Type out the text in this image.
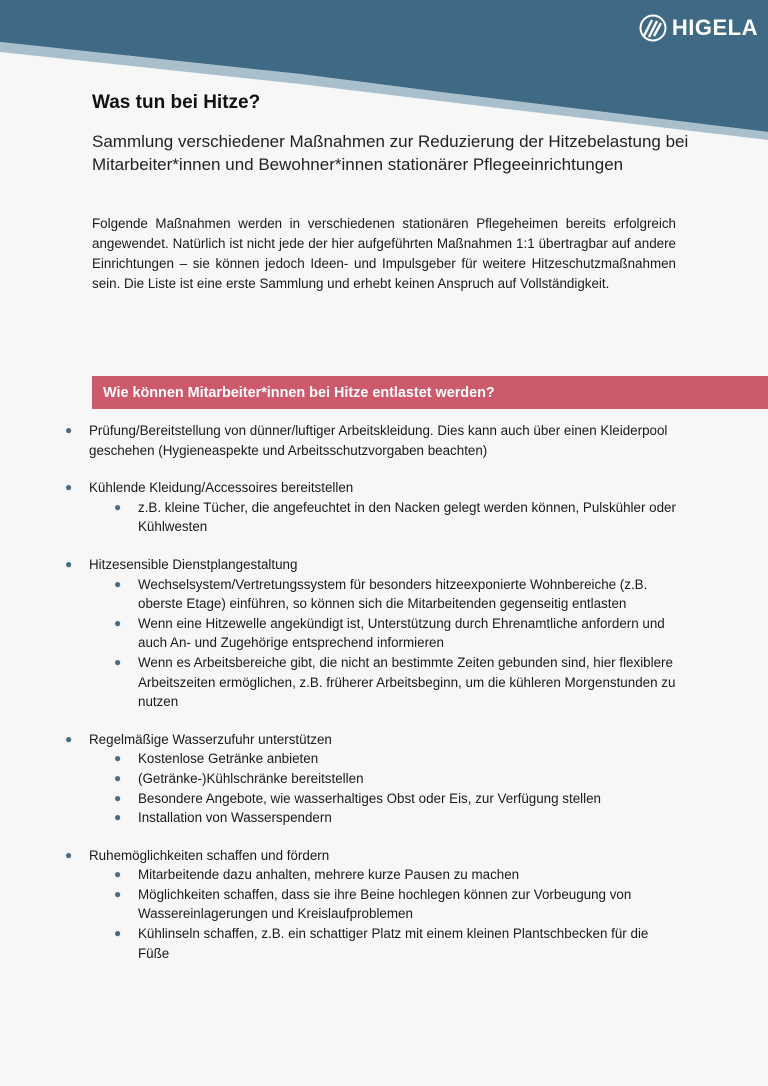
HIGELA
Was tun bei Hitze?

Sammlung verschiedener Maßnahmen zur Reduzierung der Hitzebelastung bei Mitarbeiter*innen und Bewohner*innen stationärer Pflegeeinrichtungen

Folgende Maßnahmen werden in verschiedenen stationären Pflegeheimen bereits erfolgreich angewendet. Natürlich ist nicht jede der hier aufgeführten Maßnahmen 1:1 übertragbar auf andere Einrichtungen – sie können jedoch Ideen- und Impulsgeber für weitere Hitzeschutzmaßnahmen sein. Die Liste ist eine erste Sammlung und erhebt keinen Anspruch auf Vollständigkeit.

Wie können Mitarbeiter*innen bei Hitze entlastet werden?
● Prüfung/Bereitstellung von dünner/luftiger Arbeitskleidung. Dies kann auch über einen Kleiderpool geschehen (Hygieneaspekte und Arbeitsschutzvorgaben beachten)
● Kühlende Kleidung/Accessoires bereitstellen
● z.B. kleine Tücher, die angefeuchtet in den Nacken gelegt werden können, Pulskühler oder Kühlwesten
● Hitzesensible Dienstplangestaltung
● Wechselsystem/Vertretungssystem für besonders hitzeexponierte Wohnbereiche (z.B. oberste Etage) einführen, so können sich die Mitarbeitenden gegenseitig entlasten
● Wenn eine Hitzewelle angekündigt ist, Unterstützung durch Ehrenamtliche anfordern und auch An- und Zugehörige entsprechend informieren
● Wenn es Arbeitsbereiche gibt, die nicht an bestimmte Zeiten gebunden sind, hier flexiblere Arbeitszeiten ermöglichen, z.B. früherer Arbeitsbeginn, um die kühleren Morgenstunden zu nutzen
● Regelmäßige Wasserzufuhr unterstützen
● Kostenlose Getränke anbieten
● (Getränke-)Kühlschränke bereitstellen
● Besondere Angebote, wie wasserhaltiges Obst oder Eis, zur Verfügung stellen
● Installation von Wasserspendern
● Ruhemöglichkeiten schaffen und fördern
● Mitarbeitende dazu anhalten, mehrere kurze Pausen zu machen
● Möglichkeiten schaffen, dass sie ihre Beine hochlegen können zur Vorbeugung von Wassereinlagerungen und Kreislaufproblemen
● Kühlinseln schaffen, z.B. ein schattiger Platz mit einem kleinen Plantschbecken für die Füße
